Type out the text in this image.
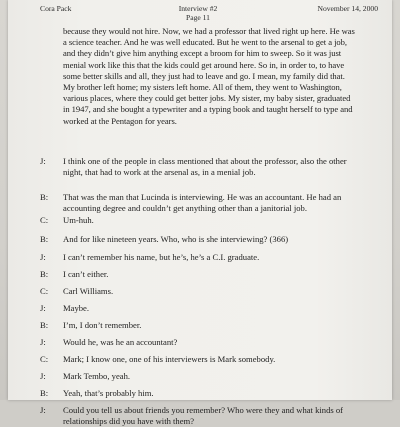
Cora Pack	Interview #2
Page 11
November 14, 2000
because they would not hire. Now, we had a professor that lived right up here. He was
a science teacher. And he was well educated. But he went to the arsenal to get a job,
and they didn’t give him anything except a broom for him to sweep. So it was just
menial work like this that the kids could get around here. So in, in order to, to have
some better skills and all, they just had to leave and go. I mean, my family did that.
My brother left home; my sisters left home. All of them, they went to Washington,
various places, where they could get better jobs. My sister, my baby sister, graduated
in 1947, and she bought a typewriter and a typing book and taught herself to type and
worked at the Pentagon for years.
J:	I think one of the people in class mentioned that about the professor, also the other
night, that had to work at the arsenal as, in a menial job.
B:	That was the man that Lucinda is interviewing. He was an accountant. He had an
accounting degree and couldn’t get anything other than a janitorial job.
C:	Um-huh.
B:	And for like nineteen years. Who, who is she interviewing? (366)
J:	I can’t remember his name, but he’s, he’s a C.I. graduate.
B:	I can’t either.
C:	Carl Williams.
J:	Maybe.
B:	I’m, I don’t remember.
J:	Would he, was he an accountant?
C:	Mark; I know one, one of his interviewers is Mark somebody.
J:	Mark Tembo, yeah.
B:	Yeah, that’s probably him.
J:	Could you tell us about friends you remember? Who were they and what kinds of
relationships did you have with them?
